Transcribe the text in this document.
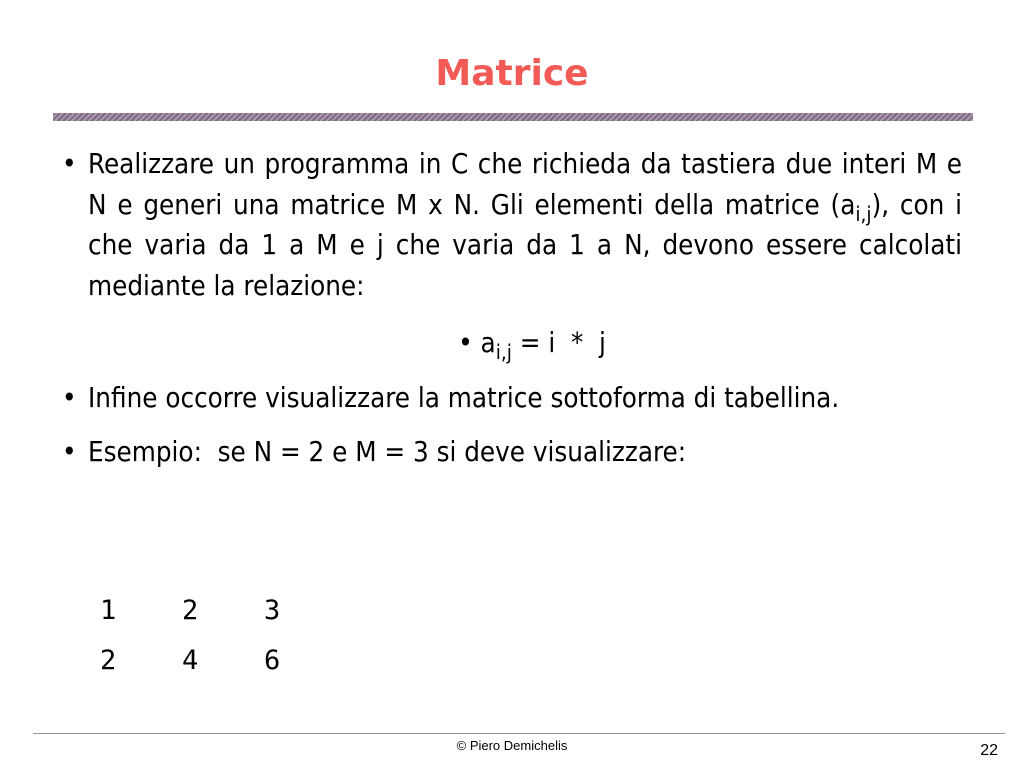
Matrice
• Realizzare un programma in C che richieda da tastiera due interi M e N e generi una matrice M x N. Gli elementi della matrice $(a_{i,j})$, con i che varia da 1 a M e j che varia da 1 a N, devono essere calcolati mediante la relazione:
• $a_{i,j} = i * j$
• Infine occorre visualizzare la matrice sottoforma di tabellina.
• Esempio:  se N = 2 e M = 3 si deve visualizzare:
1	2	3
2	4	6
© Piero Demichelis	22
